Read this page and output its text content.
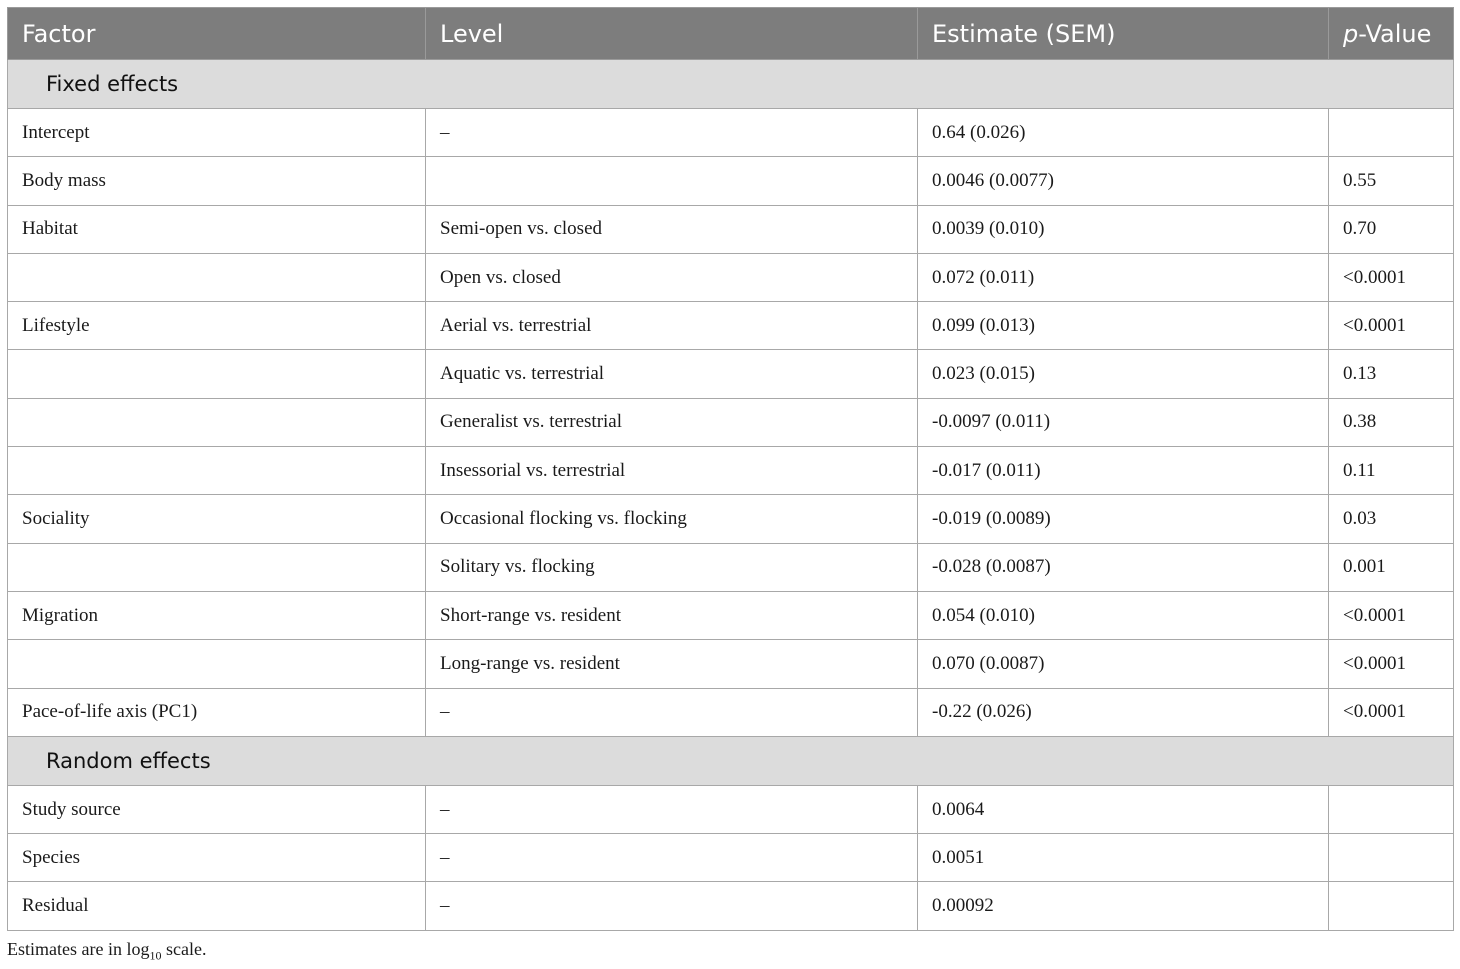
Factor	Level	Estimate (SEM)	p-Value
Fixed effects			
Intercept	–	0.64 (0.026)	
Body mass		0.0046 (0.0077)	0.55
Habitat	Semi-open vs. closed	0.0039 (0.010)	0.70
	Open vs. closed	0.072 (0.011)	<0.0001
Lifestyle	Aerial vs. terrestrial	0.099 (0.013)	<0.0001
	Aquatic vs. terrestrial	0.023 (0.015)	0.13
	Generalist vs. terrestrial	-0.0097 (0.011)	0.38
	Insessorial vs. terrestrial	-0.017 (0.011)	0.11
Sociality	Occasional flocking vs. flocking	-0.019 (0.0089)	0.03
	Solitary vs. flocking	-0.028 (0.0087)	0.001
Migration	Short-range vs. resident	0.054 (0.010)	<0.0001
	Long-range vs. resident	0.070 (0.0087)	<0.0001
Pace-of-life axis (PC1)	–	-0.22 (0.026)	<0.0001
Random effects			
Study source	–	0.0064	
Species	–	0.0051	
Residual	–	0.00092	
Estimates are in $\log_{10}$ scale.
